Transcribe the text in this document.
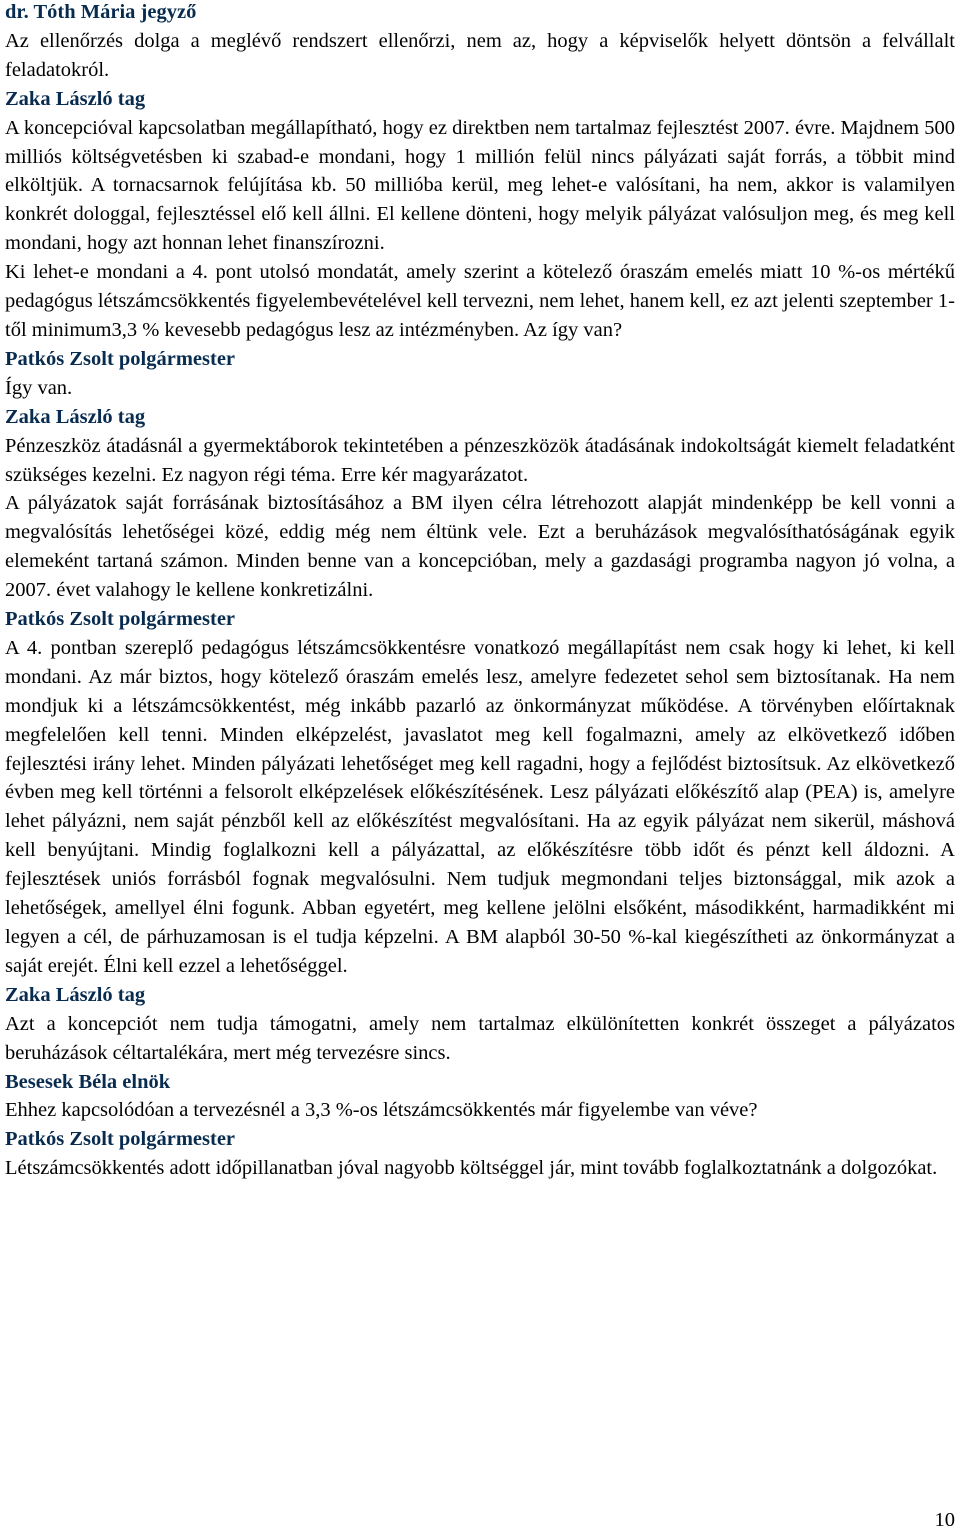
dr. Tóth Mária jegyző
Az ellenőrzés dolga a meglévő rendszert ellenőrzi, nem az, hogy a képviselők helyett döntsön a felvállalt feladatokról.
Zaka László tag
A koncepcióval kapcsolatban megállapítható, hogy ez direktben nem tartalmaz fejlesztést 2007. évre. Majdnem 500 milliós költségvetésben ki szabad-e mondani, hogy 1 millión felül nincs pályázati saját forrás, a többit mind elköltjük. A tornacsarnok felújítása kb. 50 millióba kerül, meg lehet-e valósítani, ha nem, akkor is valamilyen konkrét dologgal, fejlesztéssel elő kell állni. El kellene dönteni, hogy melyik pályázat valósuljon meg, és meg kell mondani, hogy azt honnan lehet finanszírozni.
Ki lehet-e mondani a 4. pont utolsó mondatát, amely szerint a kötelező óraszám emelés miatt 10 %-os mértékű pedagógus létszámcsökkentés figyelembevételével kell tervezni, nem lehet, hanem kell, ez azt jelenti szeptember 1-től minimum3,3 % kevesebb pedagógus lesz az intézményben. Az így van?
Patkós Zsolt polgármester
Így van.
Zaka László tag
Pénzeszköz átadásnál a gyermektáborok tekintetében a pénzeszközök átadásának indokoltságát kiemelt feladatként szükséges kezelni. Ez nagyon régi téma. Erre kér magyarázatot.
A pályázatok saját forrásának biztosításához a BM ilyen célra létrehozott alapját mindenképp be kell vonni a megvalósítás lehetőségei közé, eddig még nem éltünk vele. Ezt a beruházások megvalósíthatóságának egyik elemeként tartaná számon. Minden benne van a koncepcióban, mely a gazdasági programba nagyon jó volna, a 2007. évet valahogy le kellene konkretizálni.
Patkós Zsolt polgármester
A 4. pontban szereplő pedagógus létszámcsökkentésre vonatkozó megállapítást nem csak hogy ki lehet, ki kell mondani. Az már biztos, hogy kötelező óraszám emelés lesz, amelyre fedezetet sehol sem biztosítanak. Ha nem mondjuk ki a létszámcsökkentést, még inkább pazarló az önkormányzat működése. A törvényben előírtaknak megfelelően kell tenni. Minden elképzelést, javaslatot meg kell fogalmazni, amely az elkövetkező időben fejlesztési irány lehet. Minden pályázati lehetőséget meg kell ragadni, hogy a fejlődést biztosítsuk. Az elkövetkező évben meg kell történni a felsorolt elképzelések előkészítésének. Lesz pályázati előkészítő alap (PEA) is, amelyre lehet pályázni, nem saját pénzből kell az előkészítést megvalósítani. Ha az egyik pályázat nem sikerül, máshová kell benyújtani. Mindig foglalkozni kell a pályázattal, az előkészítésre több időt és pénzt kell áldozni. A fejlesztések uniós forrásból fognak megvalósulni. Nem tudjuk megmondani teljes biztonsággal, mik azok a lehetőségek, amellyel élni fogunk. Abban egyetért, meg kellene jelölni elsőként, másodikként, harmadikként mi legyen a cél, de párhuzamosan is el tudja képzelni. A BM alapból 30-50 %-kal kiegészítheti az önkormányzat a saját erejét. Élni kell ezzel a lehetőséggel.
Zaka László tag
Azt a koncepciót nem tudja támogatni, amely nem tartalmaz elkülönítetten konkrét összeget a pályázatos beruházások céltartalékára, mert még tervezésre sincs.
Besesek Béla elnök
Ehhez kapcsolódóan a tervezésnél a 3,3 %-os létszámcsökkentés már figyelembe van véve?
Patkós Zsolt polgármester
Létszámcsökkentés adott időpillanatban jóval nagyobb költséggel jár, mint tovább foglalkoztatnánk a dolgozókat.
10
